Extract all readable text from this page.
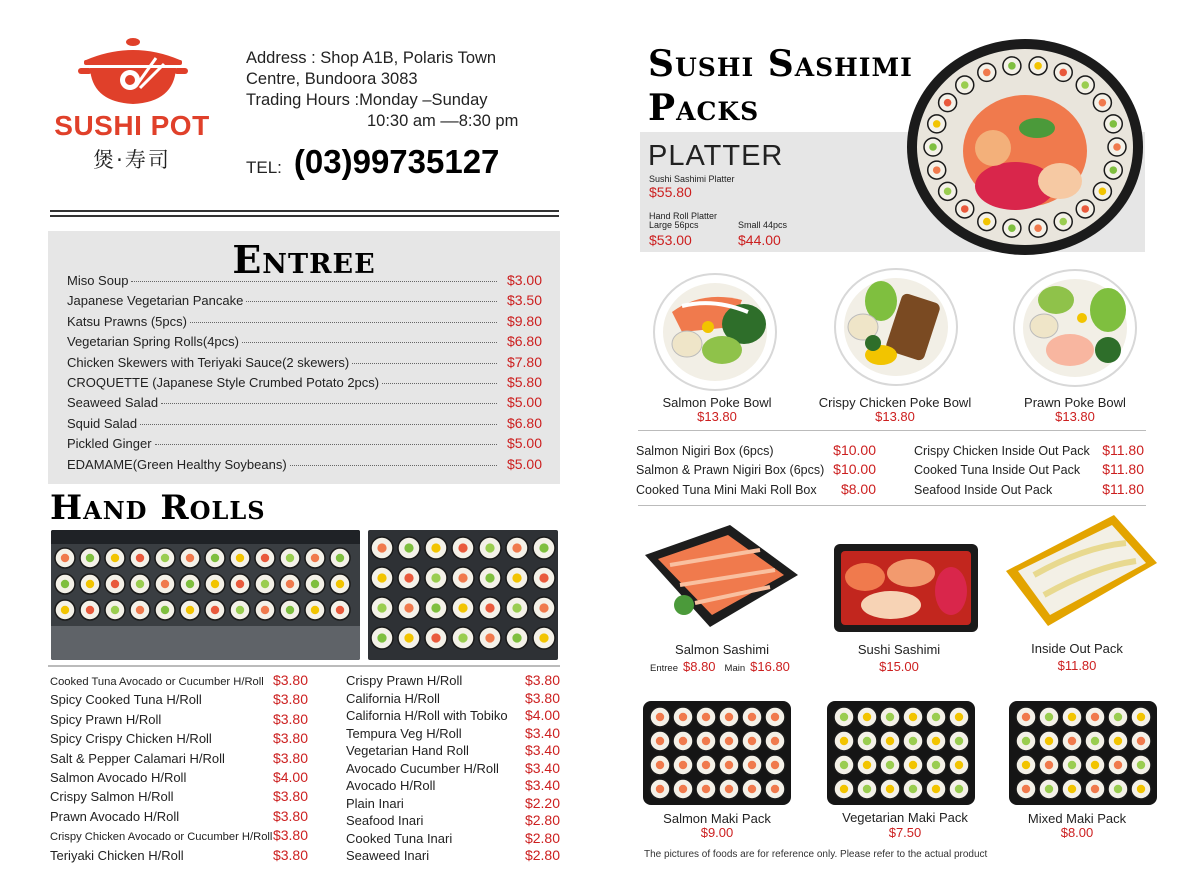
SUSHI POT
煲·寿司
Address : Shop A1B, Polaris Town
Centre, Bundoora 3083
Trading Hours :Monday –Sunday
10:30 am ––8:30 pm
TEL: (03)99735127
Entree
Miso Soup	$3.00
Japanese Vegetarian Pancake	$3.50
Katsu Prawns (5pcs)	$9.80
Vegetarian Spring Rolls(4pcs)	$6.80
Chicken Skewers with Teriyaki Sauce(2 skewers)	$7.80
CROQUETTE (Japanese Style Crumbed Potato 2pcs)	$5.80
Seaweed Salad	$5.00
Squid Salad	$6.80
Pickled Ginger	$5.00
EDAMAME(Green Healthy Soybeans)	$5.00
Hand Rolls
Cooked Tuna Avocado or Cucumber H/Roll $3.80
Spicy Cooked Tuna H/Roll	$3.80
Spicy Prawn H/Roll	$3.80
Spicy Crispy Chicken H/Roll	$3.80
Salt & Pepper Calamari H/Roll	$3.80
Salmon Avocado H/Roll	$4.00
Crispy Salmon H/Roll	$3.80
Prawn Avocado H/Roll	$3.80
Crispy Chicken Avocado or Cucumber H/Roll $3.80
Teriyaki Chicken H/Roll	$3.80
Crispy Prawn H/Roll	$3.80
California H/Roll	$3.80
California H/Roll with Tobiko $4.00
Tempura Veg H/Roll	$3.40
Vegetarian Hand Roll	$3.40
Avocado Cucumber H/Roll $3.40
Avocado H/Roll	$3.40
Plain Inari	$2.20
Seafood Inari	$2.80
Cooked Tuna Inari	$2.80
Seaweed Inari	$2.80
Sushi Sashimi
Packs
PLATTER
Sushi Sashimi Platter
$55.80
Hand Roll Platter
Large 56pcs
$53.00
Small 44pcs
$44.00
Salmon Poke Bowl
$13.80
Crispy Chicken Poke Bowl
$13.80
Prawn Poke Bowl
$13.80
Salmon Nigiri Box (6pcs)	$10.00
Salmon & Prawn Nigiri Box (6pcs) $10.00
Cooked Tuna Mini Maki Roll Box $8.00
Crispy Chicken Inside Out Pack $11.80
Cooked Tuna Inside Out Pack $11.80
Seafood Inside Out Pack	$11.80
Salmon Sashimi
Entree $8.80 Main $16.80
Sushi Sashimi
$15.00
Inside Out Pack
$11.80
Salmon Maki Pack
$9.00
Vegetarian Maki Pack
$7.50
Mixed Maki Pack
$8.00
The pictures of foods are for reference only. Please refer to the actual product
